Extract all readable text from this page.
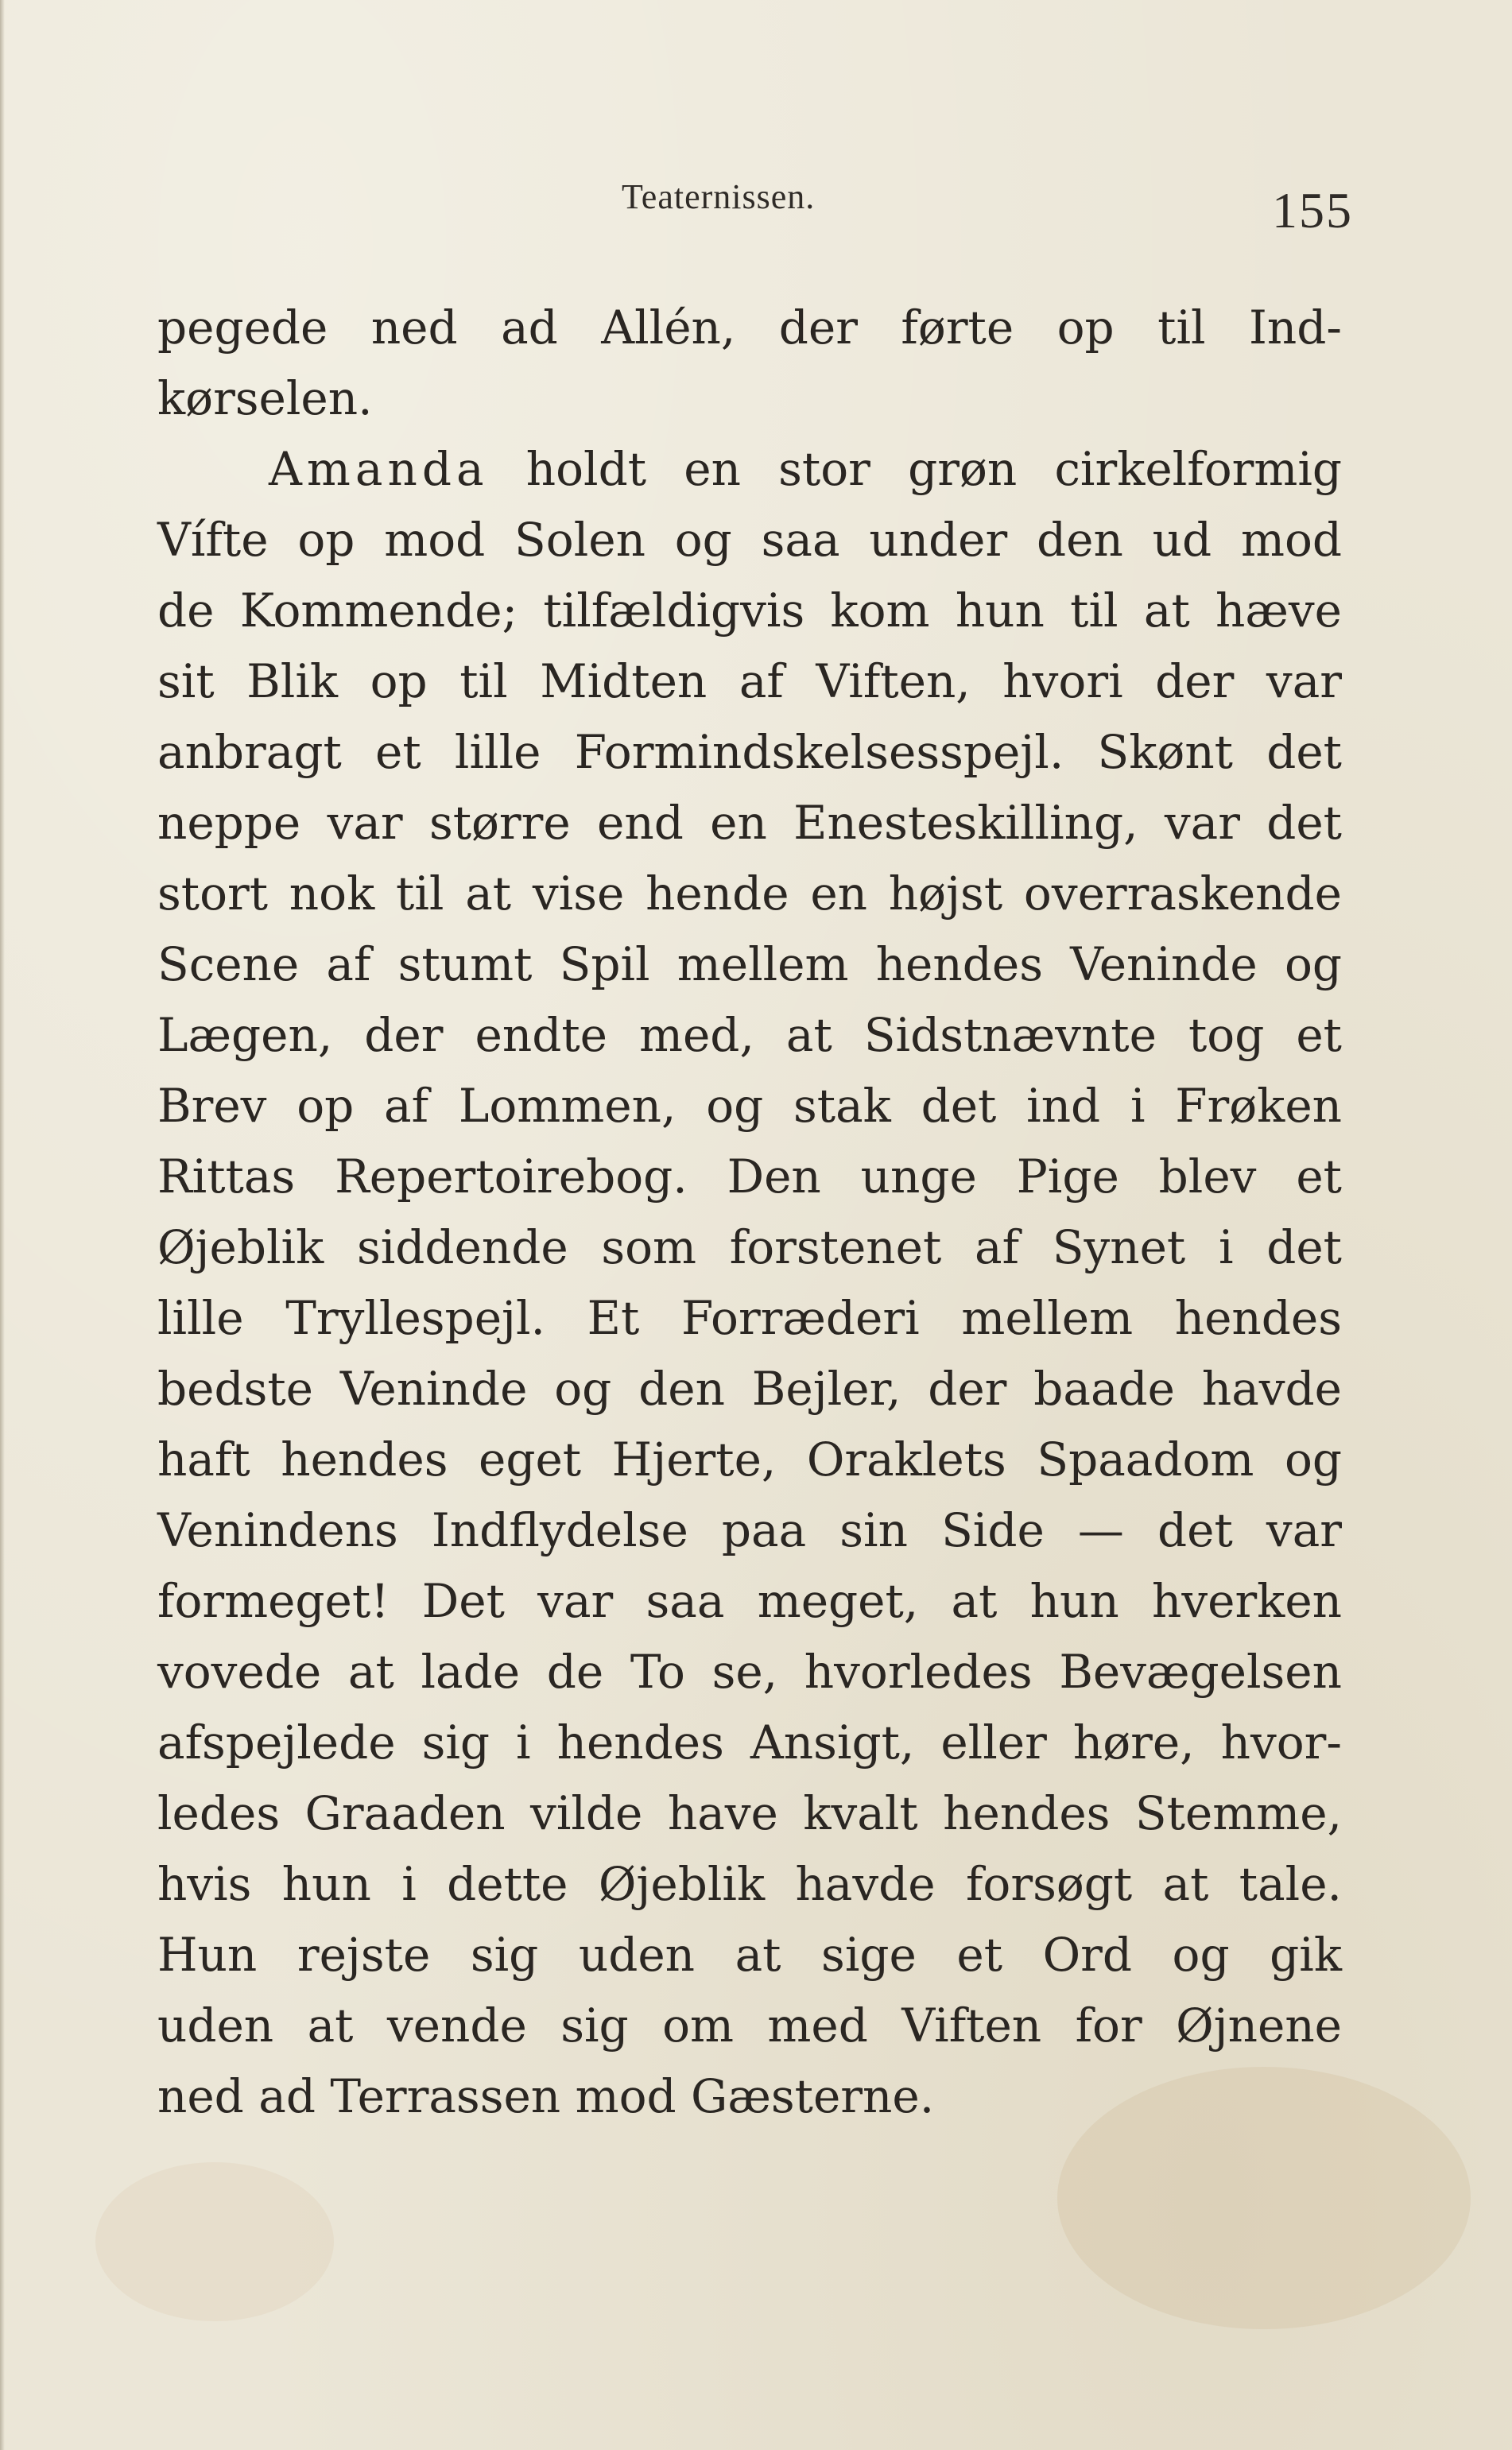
Teaternissen.	155
pegede ned ad Allén, der førte op til Ind-
kørselen.
Amanda holdt en stor grøn cirkelformig
Vífte op mod Solen og saa under den ud mod
de Kommende; tilfældigvis kom hun til at hæve
sit Blik op til Midten af Viften, hvori der var
anbragt et lille Formindskelsesspejl. Skønt det
neppe var større end en Enesteskilling, var det
stort nok til at vise hende en højst overraskende
Scene af stumt Spil mellem hendes Veninde og
Lægen, der endte med, at Sidstnævnte tog et
Brev op af Lommen, og stak det ind i Frøken
Rittas Repertoirebog. Den unge Pige blev et
Øjeblik siddende som forstenet af Synet i det
lille Tryllespejl. Et Forræderi mellem hendes
bedste Veninde og den Bejler, der baade havde
haft hendes eget Hjerte, Oraklets Spaadom og
Venindens Indflydelse paa sin Side — det var
formeget! Det var saa meget, at hun hverken
vovede at lade de To se, hvorledes Bevægelsen
afspejlede sig i hendes Ansigt, eller høre, hvor-
ledes Graaden vilde have kvalt hendes Stemme,
hvis hun i dette Øjeblik havde forsøgt at tale.
Hun rejste sig uden at sige et Ord og gik
uden at vende sig om med Viften for Øjnene
ned ad Terrassen mod Gæsterne.
